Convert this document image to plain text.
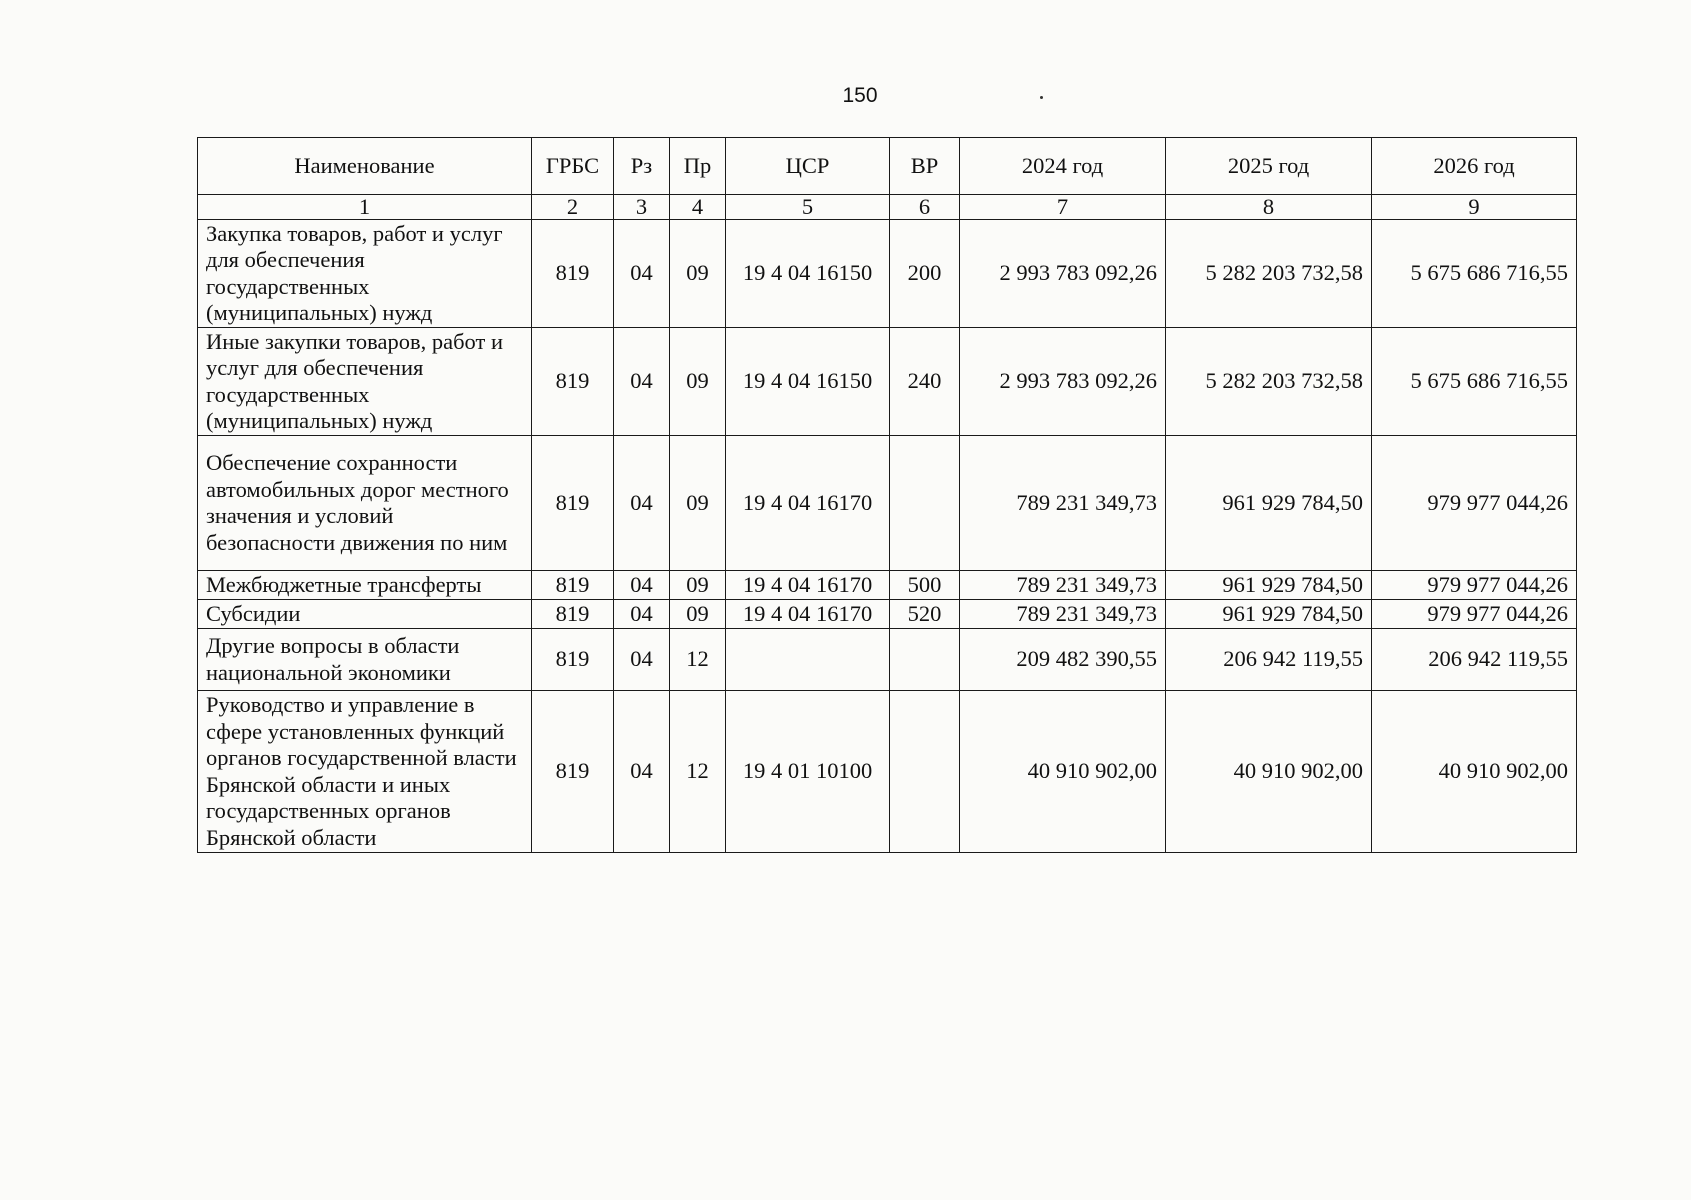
150
Наименование	ГРБС	Рз	Пр	ЦСР	ВР	2024 год	2025 год	2026 год
1	2	3	4	5	6	7	8	9
Закупка товаров, работ и услуг для обеспечения государственных (муниципальных) нужд	819	04	09	19 4 04 16150	200	2 993 783 092,26	5 282 203 732,58	5 675 686 716,55
Иные закупки товаров, работ и услуг для обеспечения государственных (муниципальных) нужд	819	04	09	19 4 04 16150	240	2 993 783 092,26	5 282 203 732,58	5 675 686 716,55
Обеспечение сохранности автомобильных дорог местного значения и условий безопасности движения по ним	819	04	09	19 4 04 16170		789 231 349,73	961 929 784,50	979 977 044,26
Межбюджетные трансферты	819	04	09	19 4 04 16170	500	789 231 349,73	961 929 784,50	979 977 044,26
Субсидии	819	04	09	19 4 04 16170	520	789 231 349,73	961 929 784,50	979 977 044,26
Другие вопросы в области национальной экономики	819	04	12			209 482 390,55	206 942 119,55	206 942 119,55
Руководство и управление в сфере установленных функций органов государственной власти Брянской области и иных государственных органов Брянской области	819	04	12	19 4 01 10100		40 910 902,00	40 910 902,00	40 910 902,00
